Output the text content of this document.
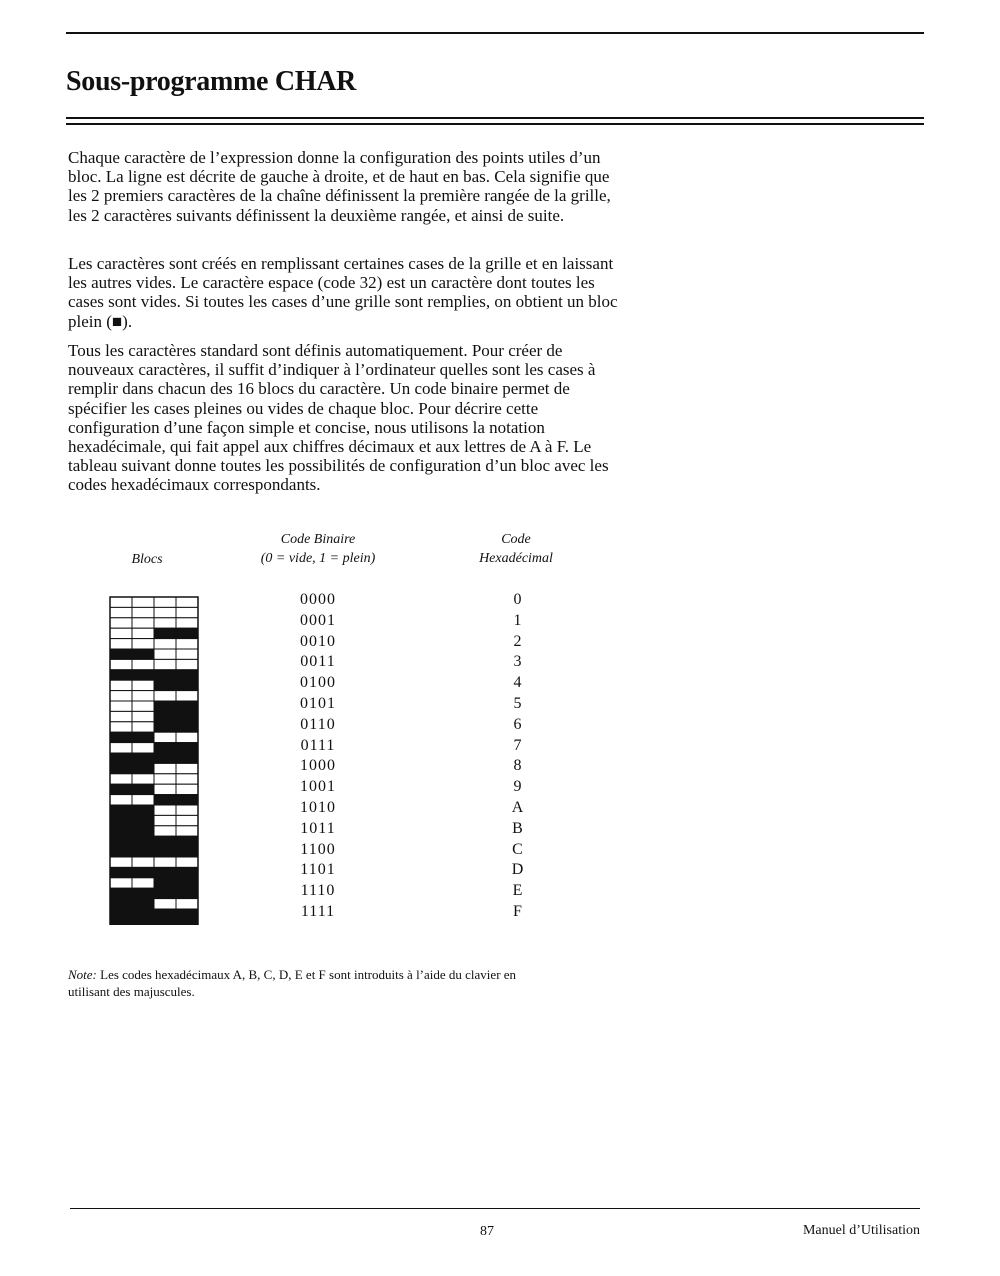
Sous-programme CHAR

Chaque caractère de l’expression donne la configuration des points utiles d’un bloc. La ligne est décrite de gauche à droite, et de haut en bas. Cela signifie que les 2 premiers caractères de la chaîne définissent la première rangée de la grille, les 2 caractères suivants définissent la deuxième rangée, et ainsi de suite.

Les caractères sont créés en remplissant certaines cases de la grille et en laissant les autres vides. Le caractère espace (code 32) est un caractère dont toutes les cases sont vides. Si toutes les cases d’une grille sont remplies, on obtient un bloc plein (■).

Tous les caractères standard sont définis automatiquement. Pour créer de nouveaux caractères, il suffit d’indiquer à l’ordinateur quelles sont les cases à remplir dans chacun des 16 blocs du caractère. Un code binaire permet de spécifier les cases pleines ou vides de chaque bloc. Pour décrire cette configuration d’une façon simple et concise, nous utilisons la notation hexadécimale, qui fait appel aux chiffres décimaux et aux lettres de A à F. Le tableau suivant donne toutes les possibilités de configuration d’un bloc avec les codes hexadécimaux correspondants.

Blocs
Code Binaire
(0 = vide, 1 = plein)
Code
Hexadécimal
0000
0001
0010
0011
0100
0101
0110
0111
1000
1001
1010
1011
1100
1101
1110
1111
0
1
2
3
4
5
6
7
8
9
A
B
C
D
E
F

Note: Les codes hexadécimaux A, B, C, D, E et F sont introduits à l’aide du clavier en utilisant des majuscules.

87	Manuel d’Utilisation
